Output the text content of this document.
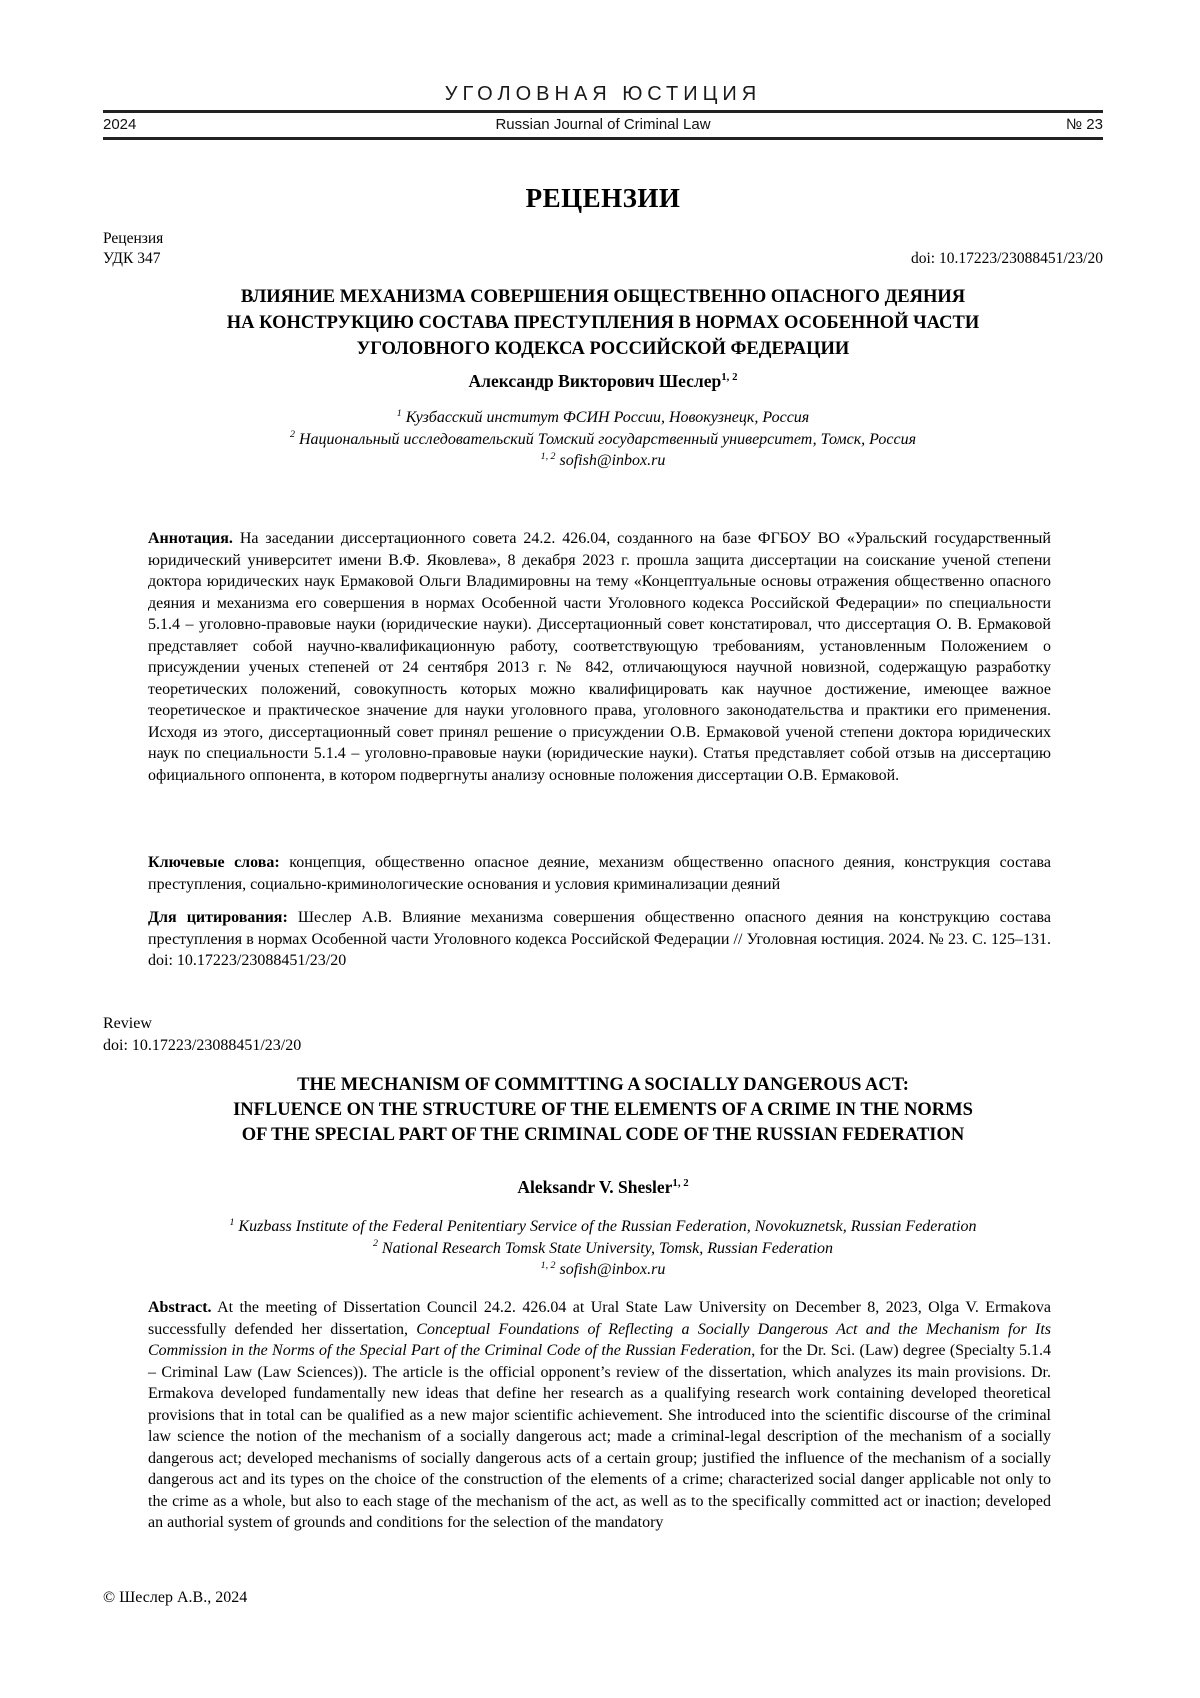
УГОЛОВНАЯ ЮСТИЦИЯ
2024	Russian Journal of Criminal Law	№ 23
РЕЦЕНЗИИ
Рецензия
УДК 347	doi: 10.17223/23088451/23/20
ВЛИЯНИЕ МЕХАНИЗМА СОВЕРШЕНИЯ ОБЩЕСТВЕННО ОПАСНОГО ДЕЯНИЯ
НА КОНСТРУКЦИЮ СОСТАВА ПРЕСТУПЛЕНИЯ В НОРМАХ ОСОБЕННОЙ ЧАСТИ
УГОЛОВНОГО КОДЕКСА РОССИЙСКОЙ ФЕДЕРАЦИИ
Александр Викторович Шеслер$^{1, 2}$
$^1$ Кузбасский институт ФСИН России, Новокузнецк, Россия
$^2$ Национальный исследовательский Томский государственный университет, Томск, Россия
$^{1, 2}$ sofish@inbox.ru

Аннотация. На заседании диссертационного совета 24.2. 426.04, созданного на базе ФГБОУ ВО «Уральский государственный юридический университет имени В.Ф. Яковлева», 8 декабря 2023 г. прошла защита диссертации на соискание ученой степени доктора юридических наук Ермаковой Ольги Владимировны на тему «Концептуальные основы отражения общественно опасного деяния и механизма его совершения в нормах Особенной части Уголовного кодекса Российской Федерации» по специальности 5.1.4 – уголовно-правовые науки (юридические науки). Диссертационный совет констатировал, что диссертация О. В. Ермаковой представляет собой научно-квалификационную работу, соответствующую требованиям, установленным Положением о присуждении ученых степеней от 24 сентября 2013 г. № 842, отличающуюся научной новизной, содержащую разработку теоретических положений, совокупность которых можно квалифицировать как научное достижение, имеющее важное теоретическое и практическое значение для науки уголовного права, уголовного законодательства и практики его применения. Исходя из этого, диссертационный совет принял решение о присуждении О.В. Ермаковой ученой степени доктора юридических наук по специальности 5.1.4 – уголовно-правовые науки (юридические науки). Статья представляет собой отзыв на диссертацию официального оппонента, в котором подвергнуты анализу основные положения диссертации О.В. Ермаковой.

Ключевые слова: концепция, общественно опасное деяние, механизм общественно опасного деяния, конструкция состава преступления, социально-криминологические основания и условия криминализации деяний

Для цитирования: Шеслер А.В. Влияние механизма совершения общественно опасного деяния на конструкцию состава преступления в нормах Особенной части Уголовного кодекса Российской Федерации // Уголовная юстиция. 2024. № 23. С. 125–131. doi: 10.17223/23088451/23/20

Review
doi: 10.17223/23088451/23/20
THE MECHANISM OF COMMITTING A SOCIALLY DANGEROUS ACT:
INFLUENCE ON THE STRUCTURE OF THE ELEMENTS OF A CRIME IN THE NORMS
OF THE SPECIAL PART OF THE CRIMINAL CODE OF THE RUSSIAN FEDERATION
Aleksandr V. Shesler$^{1, 2}$
$^1$ Kuzbass Institute of the Federal Penitentiary Service of the Russian Federation, Novokuznetsk, Russian Federation
$^2$ National Research Tomsk State University, Tomsk, Russian Federation
$^{1, 2}$ sofish@inbox.ru

Abstract. At the meeting of Dissertation Council 24.2. 426.04 at Ural State Law University on December 8, 2023, Olga V. Ermakova successfully defended her dissertation, Conceptual Foundations of Reflecting a Socially Dangerous Act and the Mechanism for Its Commission in the Norms of the Special Part of the Criminal Code of the Russian Federation, for the Dr. Sci. (Law) degree (Specialty 5.1.4 – Criminal Law (Law Sciences)). The article is the official opponent’s review of the dissertation, which analyzes its main provisions. Dr. Ermakova developed fundamentally new ideas that define her research as a qualifying research work containing developed theoretical provisions that in total can be qualified as a new major scientific achievement. She introduced into the scientific discourse of the criminal law science the notion of the mechanism of a socially dangerous act; made a criminal-legal description of the mechanism of a socially dangerous act; developed mechanisms of socially dangerous acts of a certain group; justified the influence of the mechanism of a socially dangerous act and its types on the choice of the construction of the elements of a crime; characterized social danger applicable not only to the crime as a whole, but also to each stage of the mechanism of the act, as well as to the specifically committed act or inaction; developed an authorial system of grounds and conditions for the selection of the mandatory

© Шеслер А.В., 2024
